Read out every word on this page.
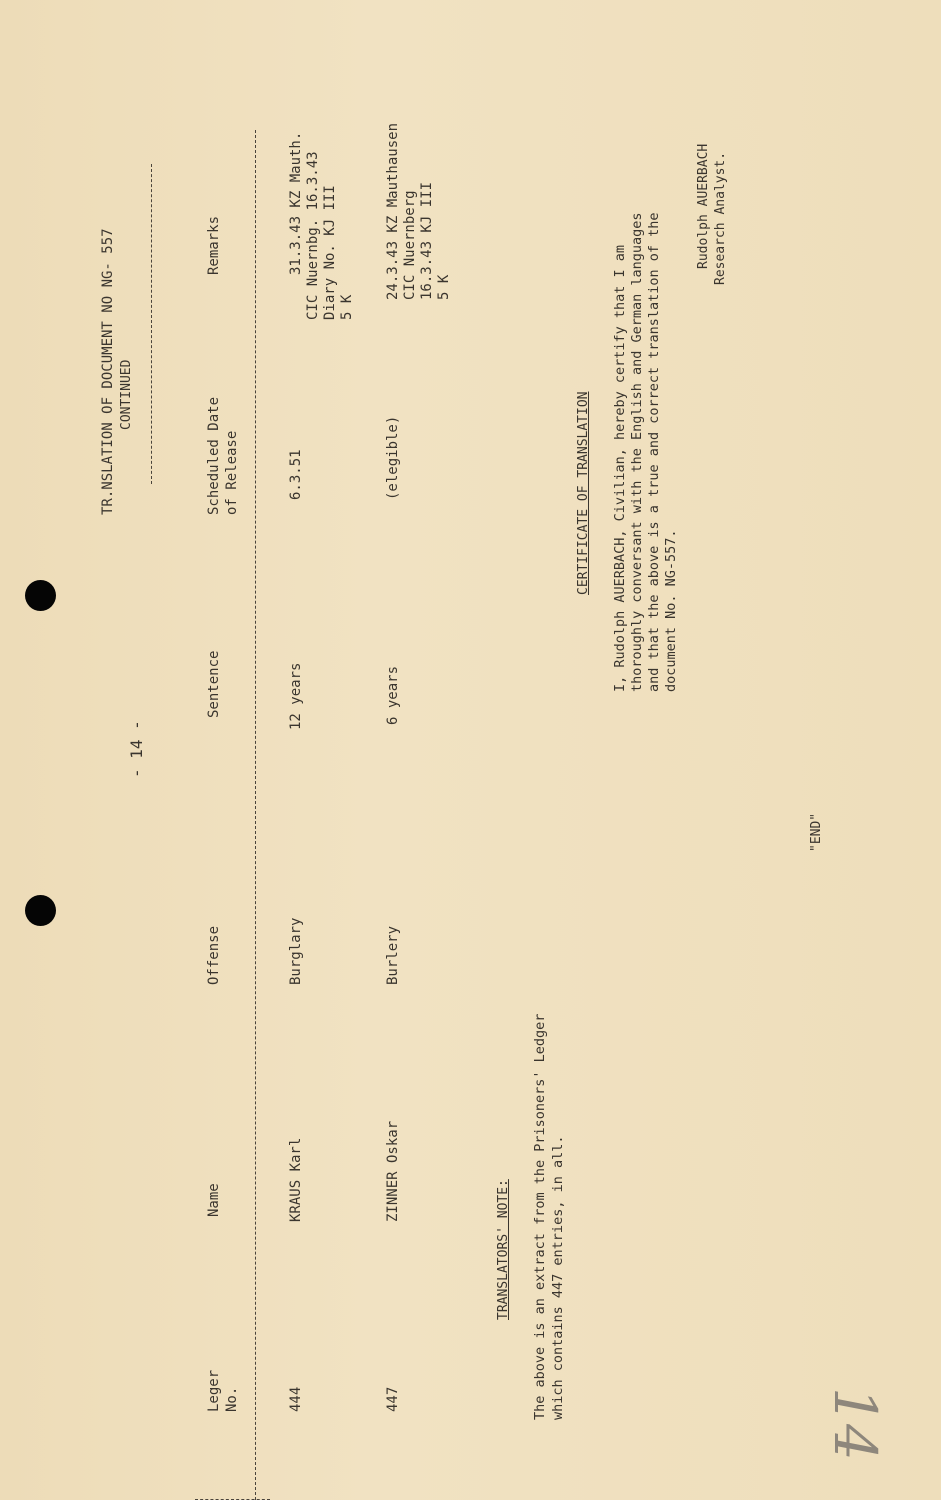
TR.NSLATION OF DOCUMENT NO NG- 557 CONTINUED
- 14 -
Leger No.
Name
Offense
Sentence
Scheduled Date of Release
Remarks
444
KRAUS Karl
Burglary
12 years
6.3.51
31.3.43 KZ Mauth. CIC Nuernbg. 16.3.43 Diary No. KJ III 5 K
447
ZINNER Oskar
Burlery
6 years
(elegible)
24.3.43 KZ Mauthausen CIC Nuernberg 16.3.43 KJ III 5 K
TRANSLATORS' NOTE: The above is an extract from the Prisoners' Ledger which contains 447 entries, in all.
CERTIFICATE OF TRANSLATION I, Rudolph AUERBACH, Civilian, hereby certify that I am thoroughly conversant with the English and German languages and that the above is a true and correct translation of the document No. NG-557.
Rudolph AUERBACH Research Analyst.
"END"
14
